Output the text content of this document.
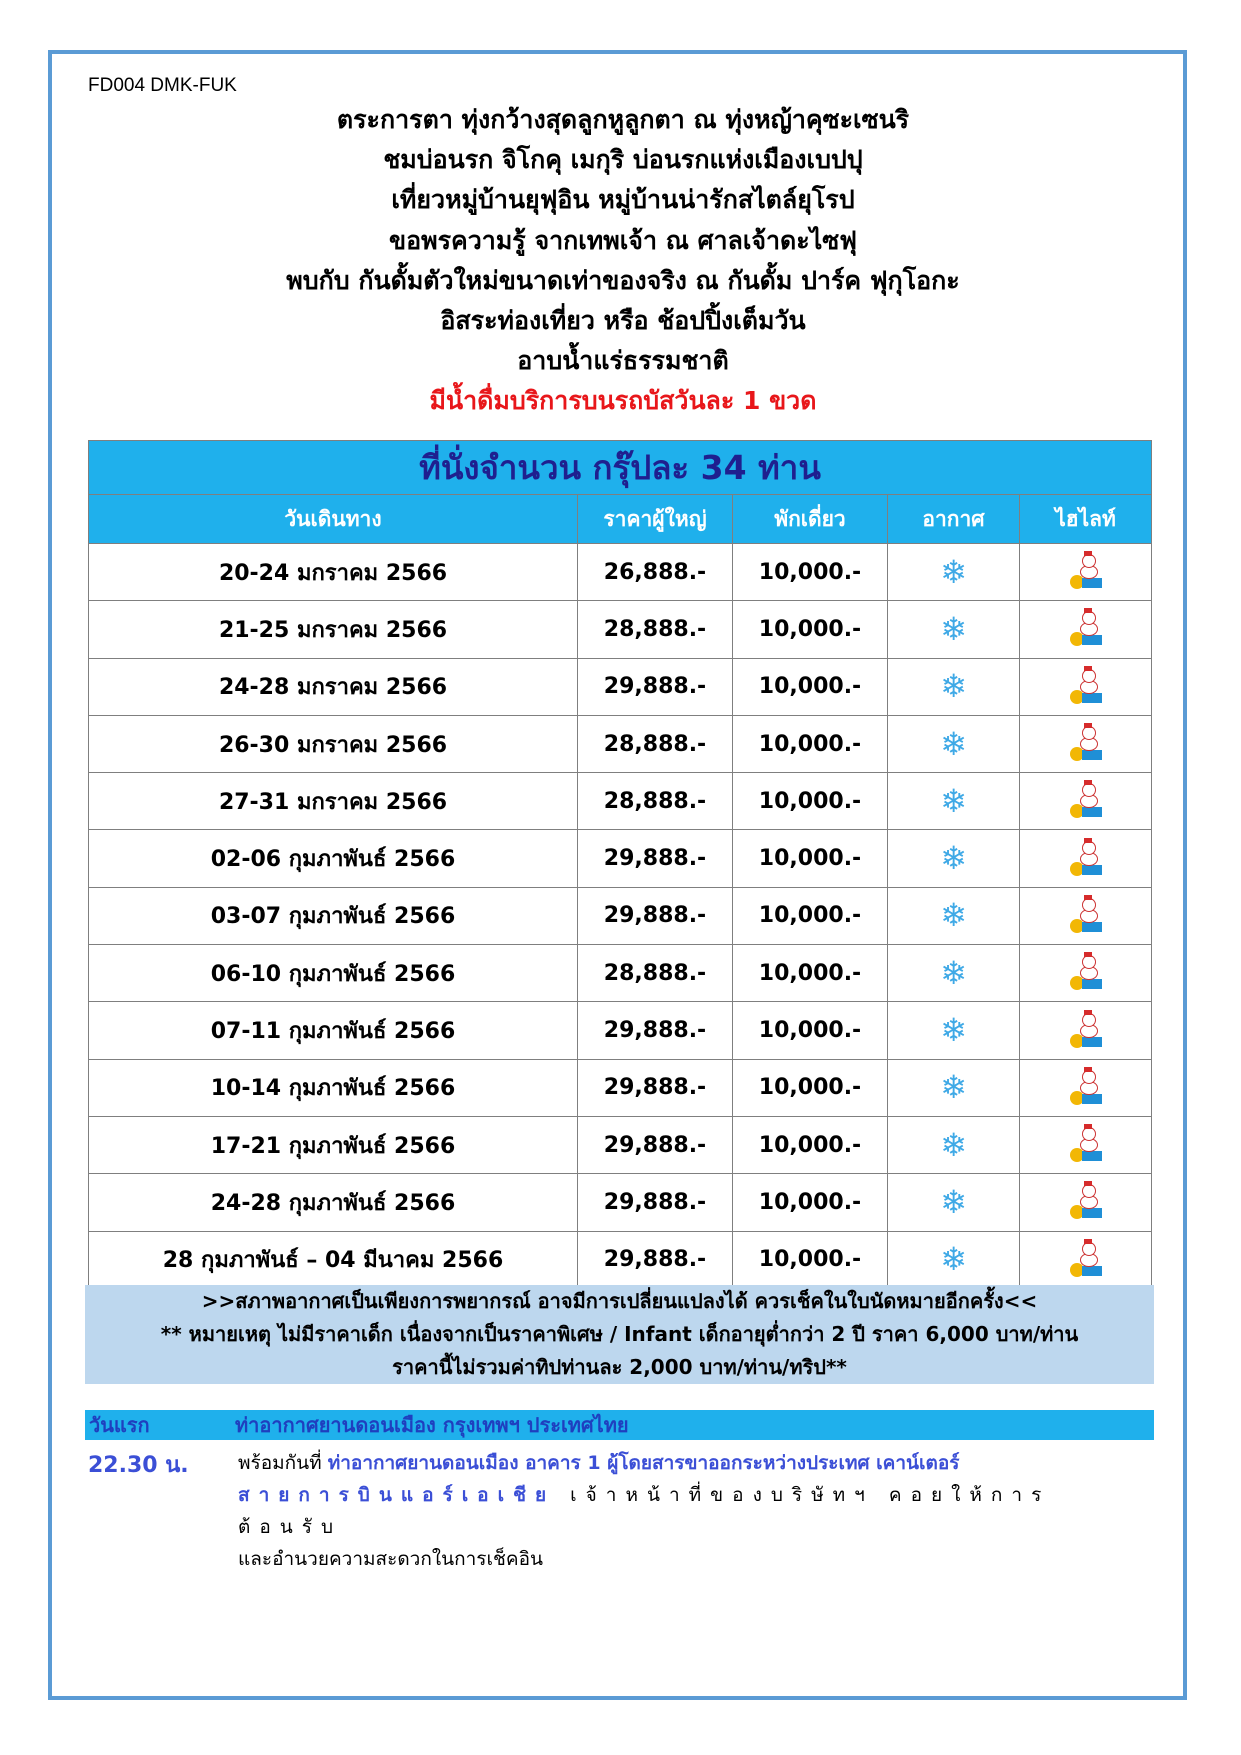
FD004 DMK-FUK
ตระการตา ทุ่งกว้างสุดลูกหูลูกตา ณ ทุ่งหญ้าคุซะเซนริ
ชมบ่อนรก จิโกคุ เมกุริ บ่อนรกแห่งเมืองเบปปุ
เที่ยวหมู่บ้านยุฟุอิน หมู่บ้านน่ารักสไตล์ยุโรป
ขอพรความรู้ จากเทพเจ้า ณ ศาลเจ้าดะไซฟุ
พบกับ กันดั้มตัวใหม่ขนาดเท่าของจริง ณ กันดั้ม ปาร์ค ฟุกุโอกะ
อิสระท่องเที่ยว หรือ ช้อปปิ้งเต็มวัน
อาบน้ำแร่ธรรมชาติ
มีน้ำดื่มบริการบนรถบัสวันละ 1 ขวด
ที่นั่งจำนวน กรุ๊ปละ 34 ท่าน				
วันเดินทาง	ราคาผู้ใหญ่	พักเดี่ยว	อากาศ	ไฮไลท์
20-24 มกราคม 2566	26,888.-	10,000.-	❄	

21-25 มกราคม 2566	28,888.-	10,000.-	❄	

24-28 มกราคม 2566	29,888.-	10,000.-	❄	

26-30 มกราคม 2566	28,888.-	10,000.-	❄	

27-31 มกราคม 2566	28,888.-	10,000.-	❄	

02-06 กุมภาพันธ์ 2566	29,888.-	10,000.-	❄	

03-07 กุมภาพันธ์ 2566	29,888.-	10,000.-	❄	

06-10 กุมภาพันธ์ 2566	28,888.-	10,000.-	❄	

07-11 กุมภาพันธ์ 2566	29,888.-	10,000.-	❄	

10-14 กุมภาพันธ์ 2566	29,888.-	10,000.-	❄	

17-21 กุมภาพันธ์ 2566	29,888.-	10,000.-	❄	

24-28 กุมภาพันธ์ 2566	29,888.-	10,000.-	❄	

28 กุมภาพันธ์ – 04 มีนาคม 2566	29,888.-	10,000.-	❄	
>>สภาพอากาศเป็นเพียงการพยากรณ์ อาจมีการเปลี่ยนแปลงได้ ควรเช็คในใบนัดหมายอีกครั้ง<<
** หมายเหตุ ไม่มีราคาเด็ก เนื่องจากเป็นราคาพิเศษ / Infant เด็กอายุต่ำกว่า 2 ปี ราคา 6,000 บาท/ท่าน
ราคานี้ไม่รวมค่าทิปท่านละ 2,000 บาท/ท่าน/ทริป**
วันแรก	ท่าอากาศยานดอนเมือง กรุงเทพฯ ประเทศไทย
22.30 น.	พร้อมกันที่ ท่าอากาศยานดอนเมือง อาคาร 1 ผู้โดยสารขาออกระหว่างประเทศ เคาน์เตอร์
สายการบินแอร์เอเชีย เจ้าหน้าที่ของบริษัทฯ คอยให้การต้อนรับ
และอำนวยความสะดวกในการเช็คอิน
